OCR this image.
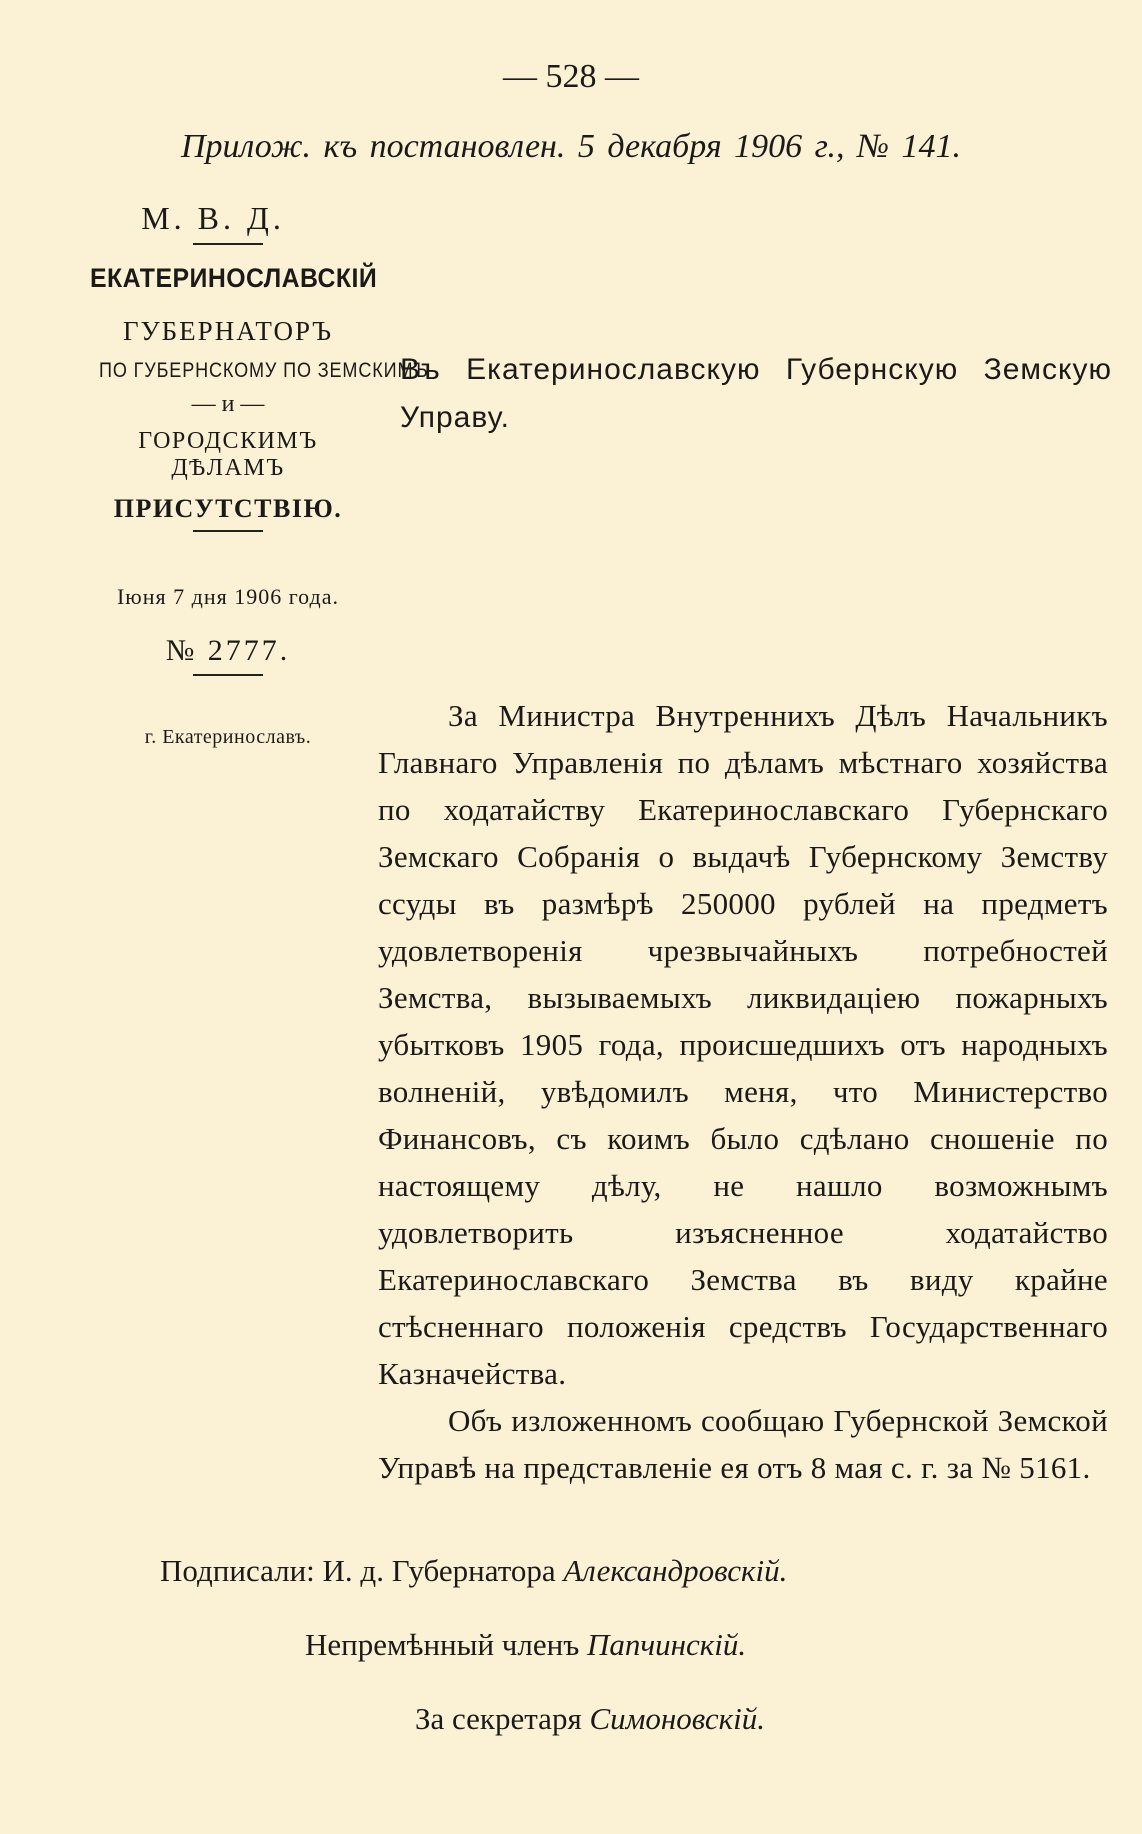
— 528 —
Прилож. къ постановлен. 5 декабря 1906 г., № 141.
М. В. Д.
ЕКАТЕРИНОСЛАВСКІЙ
ГУБЕРНАТОРЪ
ПО ГУБЕРНСКОМУ ПО ЗЕМСКИМЪ
— и —
ГОРОДСКИМЪ ДѢЛАМЪ
ПРИСУТСТВІЮ.
Іюня 7 дня 1906 года.
№ 2777.
г. Екатеринославъ.
Въ Екатеринославскую Губернскую Земскую Управу.

За Министра Внутреннихъ Дѣлъ Начальникъ Главнаго Управленія по дѣламъ мѣстнаго хозяйства по ходатайству Екатеринославскаго Губернскаго Земскаго Собранія о выдачѣ Губернскому Земству ссуды въ размѣрѣ 250000 рублей на предметъ удовлетворенія чрезвычайныхъ потребностей Земства, вызываемыхъ ликвидаціею пожарныхъ убытковъ 1905 года, происшедшихъ отъ народныхъ волненій, увѣдомилъ меня, что Министерство Финансовъ, съ коимъ было сдѣлано сношеніе по настоящему дѣлу, не нашло возможнымъ удовлетворить изъясненное ходатайство Екатеринославскаго Земства въ виду крайне стѣсненнаго положенія средствъ Государственнаго Казначейства.

Объ изложенномъ сообщаю Губернской Земской Управѣ на представленіе ея отъ 8 мая с. г. за № 5161.

Подписали: И. д. Губернатора Александровскій.
Непремѣнный членъ Папчинскій.
За секретаря Симоновскій.
